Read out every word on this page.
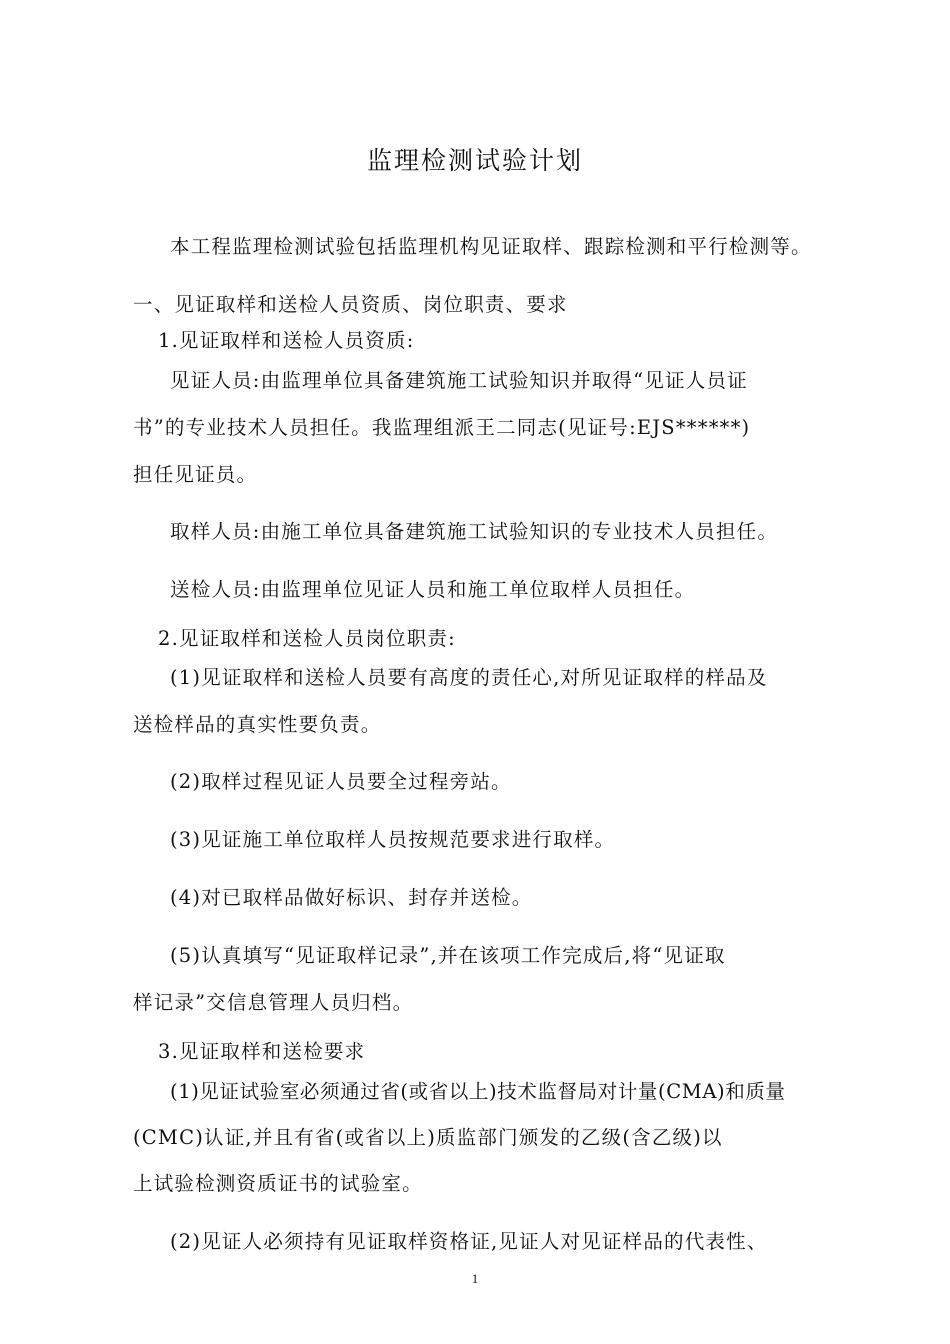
监理检测试验计划
本工程监理检测试验包括监理机构见证取样、跟踪检测和平行检测等。
一、见证取样和送检人员资质、岗位职责、要求
1.见证取样和送检人员资质:
见证人员:由监理单位具备建筑施工试验知识并取得“见证人员证
书”的专业技术人员担任。我监理组派王二同志(见证号:EJS******)
担任见证员。
取样人员:由施工单位具备建筑施工试验知识的专业技术人员担任。
送检人员:由监理单位见证人员和施工单位取样人员担任。
2.见证取样和送检人员岗位职责:
(1)见证取样和送检人员要有高度的责任心,对所见证取样的样品及
送检样品的真实性要负责。
(2)取样过程见证人员要全过程旁站。
(3)见证施工单位取样人员按规范要求进行取样。
(4)对已取样品做好标识、封存并送检。
(5)认真填写“见证取样记录”,并在该项工作完成后,将“见证取
样记录”交信息管理人员归档。
3.见证取样和送检要求
(1)见证试验室必须通过省(或省以上)技术监督局对计量(CMA)和质量
(CMC)认证,并且有省(或省以上)质监部门颁发的乙级(含乙级)以
上试验检测资质证书的试验室。
(2)见证人必须持有见证取样资格证,见证人对见证样品的代表性、
1
